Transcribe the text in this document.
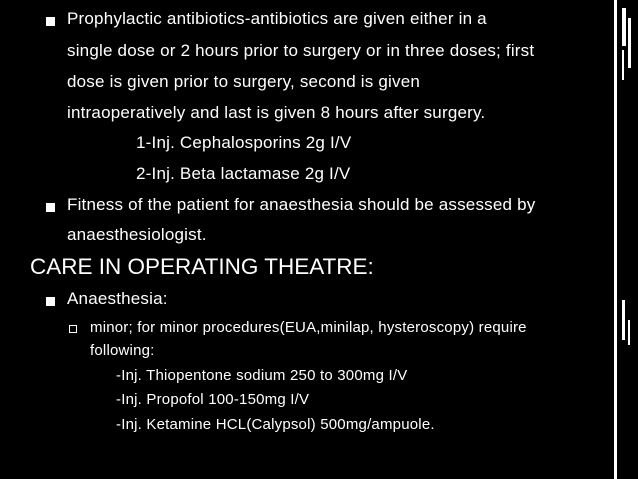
Prophylactic antibiotics-antibiotics are given either in a
single dose or 2 hours prior to surgery or in three doses; first
dose is given prior to surgery, second is given
intraoperatively and last is given 8 hours after surgery.
1-Inj. Cephalosporins 2g I/V
2-Inj. Beta lactamase 2g I/V
Fitness of the patient for anaesthesia should be assessed by
anaesthesiologist.
CARE IN OPERATING THEATRE:
Anaesthesia:
minor; for minor procedures(EUA,minilap, hysteroscopy) require
following:
-Inj. Thiopentone sodium 250 to 300mg I/V
-Inj. Propofol 100-150mg I/V
-Inj. Ketamine HCL(Calypsol) 500mg/ampuole.
